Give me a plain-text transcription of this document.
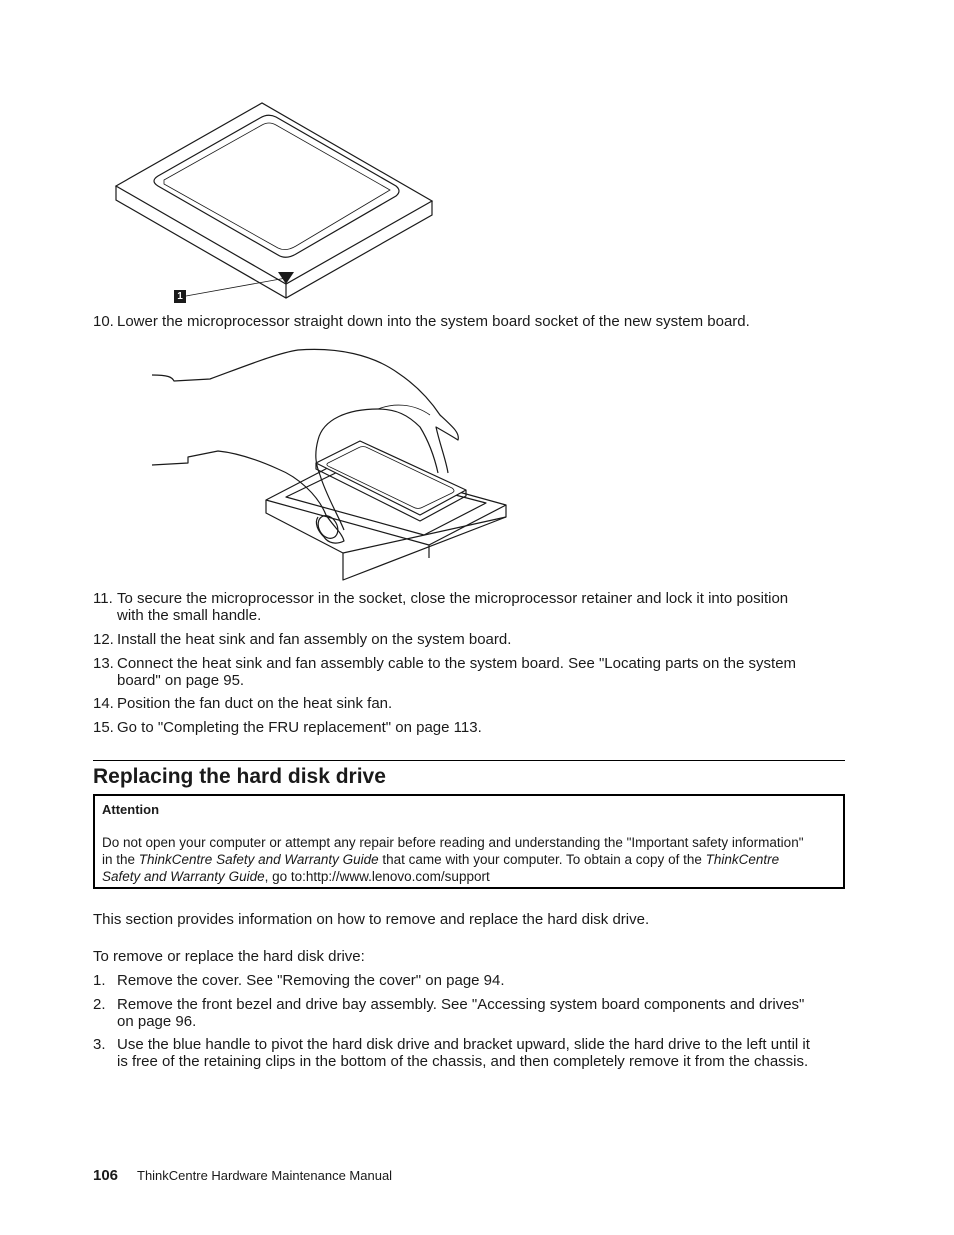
1
10. Lower the microprocessor straight down into the system board socket of the new system board.
11. To secure the microprocessor in the socket, close the microprocessor retainer and lock it into position
with the small handle.
12. Install the heat sink and fan assembly on the system board.
13. Connect the heat sink and fan assembly cable to the system board. See "Locating parts on the system
board" on page 95.
14. Position the fan duct on the heat sink fan.
15. Go to "Completing the FRU replacement" on page 113.
Replacing the hard disk drive
Attention
Do not open your computer or attempt any repair before reading and understanding the "Important safety information"
in the ThinkCentre Safety and Warranty Guide that came with your computer. To obtain a copy of the ThinkCentre
Safety and Warranty Guide, go to:http://www.lenovo.com/support
This section provides information on how to remove and replace the hard disk drive.
To remove or replace the hard disk drive:
1. Remove the cover. See "Removing the cover" on page 94.
2. Remove the front bezel and drive bay assembly. See "Accessing system board components and drives"
on page 96.
3. Use the blue handle to pivot the hard disk drive and bracket upward, slide the hard drive to the left until it
is free of the retaining clips in the bottom of the chassis, and then completely remove it from the chassis.
106 ThinkCentre Hardware Maintenance Manual
